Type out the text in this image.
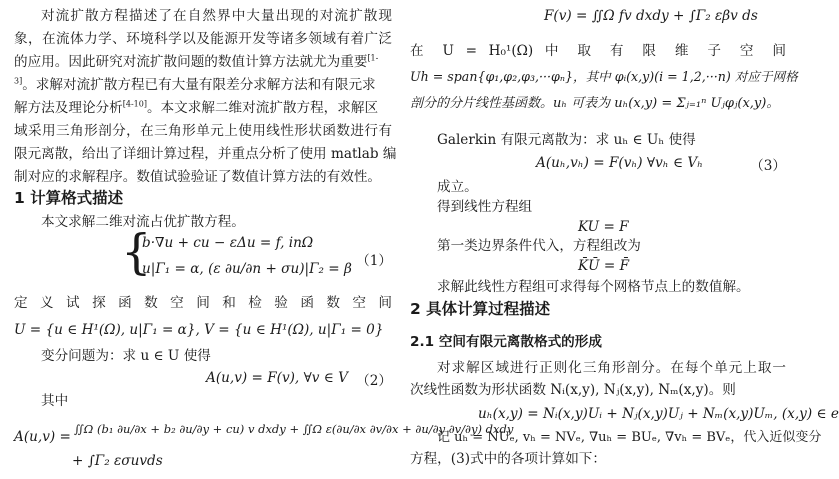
对流扩散方程描述了在自然界中大量出现的对流扩散现
象，在流体力学、环境科学以及能源开发等诸多领域有着广泛
的应用。因此研究对流扩散问题的数值计算方法就尤为重要$^{[1-}$
$^{3]}$。求解对流扩散方程已有大量有限差分求解方法和有限元求
解方法及理论分析[4-10]。本文求解二维对流扩散方程，求解区
域采用三角形剖分，在三角形单元上使用线性形状函数进行有
限元离散，给出了详细计算过程，并重点分析了使用 matlab 编
制对应的求解程序。数值试验验证了数值计算方法的有效性。
1 计算格式描述
本文求解二维对流占优扩散方程。
{
b·∇u + cu − εΔu = f, inΩ
u|Γ₁ = α, (ε ∂u/∂n + σu)|Γ₂ = β （1）
定 义 试 探 函 数 空 间 和 检 验 函 数 空 间
U = {u ∈ H¹(Ω), u|Γ₁ = α}, V = {u ∈ H¹(Ω), u|Γ₁ = 0}
变分问题为：求 u ∈ U 使得
A(u,v) = F(v), ∀v ∈ V （2）
其中
A(u,v) = ∬Ω (b₁ ∂u/∂x + b₂ ∂u/∂y + cu) v dxdy + ∬Ω ε(∂u/∂x ∂v/∂x + ∂u/∂y ∂v/∂y) dxdy
+ ∫Γ₂ εσuvds
F(v) = ∬Ω fv dxdy + ∫Γ₂ εβv ds
在 U = H₀¹(Ω) 中 取 有 限 维 子 空 间
Uh = span{φ₁,φ₂,φ₃,···φₙ}，其中 φᵢ(x,y)(i = 1,2,···n) 对应于网格
剖分的分片线性基函数。uₕ 可表为 uₕ(x,y) = Σⱼ₌₁ⁿ Uⱼφⱼ(x,y)。
Galerkin 有限元离散为：求 uₕ ∈ Uₕ 使得
A(uₕ,vₕ) = F(vₕ) ∀vₕ ∈ Vₕ	（3）
成立。
得到线性方程组
KU = F
第一类边界条件代入，方程组改为
K̄Ū = F̄
求解此线性方程组可求得每个网格节点上的数值解。
2 具体计算过程描述
2.1 空间有限元离散格式的形成
对求解区域进行正则化三角形剖分。在每个单元上取一
次线性函数为形状函数 Nᵢ(x,y), Nⱼ(x,y), Nₘ(x,y)。则
uₕ(x,y) = Nᵢ(x,y)Uᵢ + Nⱼ(x,y)Uⱼ + Nₘ(x,y)Uₘ, (x,y) ∈ e
记 uₕ = NUₑ, vₕ = NVₑ, ∇uₕ = BUₑ, ∇vₕ = BVₑ，代入近似变分
方程，(3)式中的各项计算如下：
